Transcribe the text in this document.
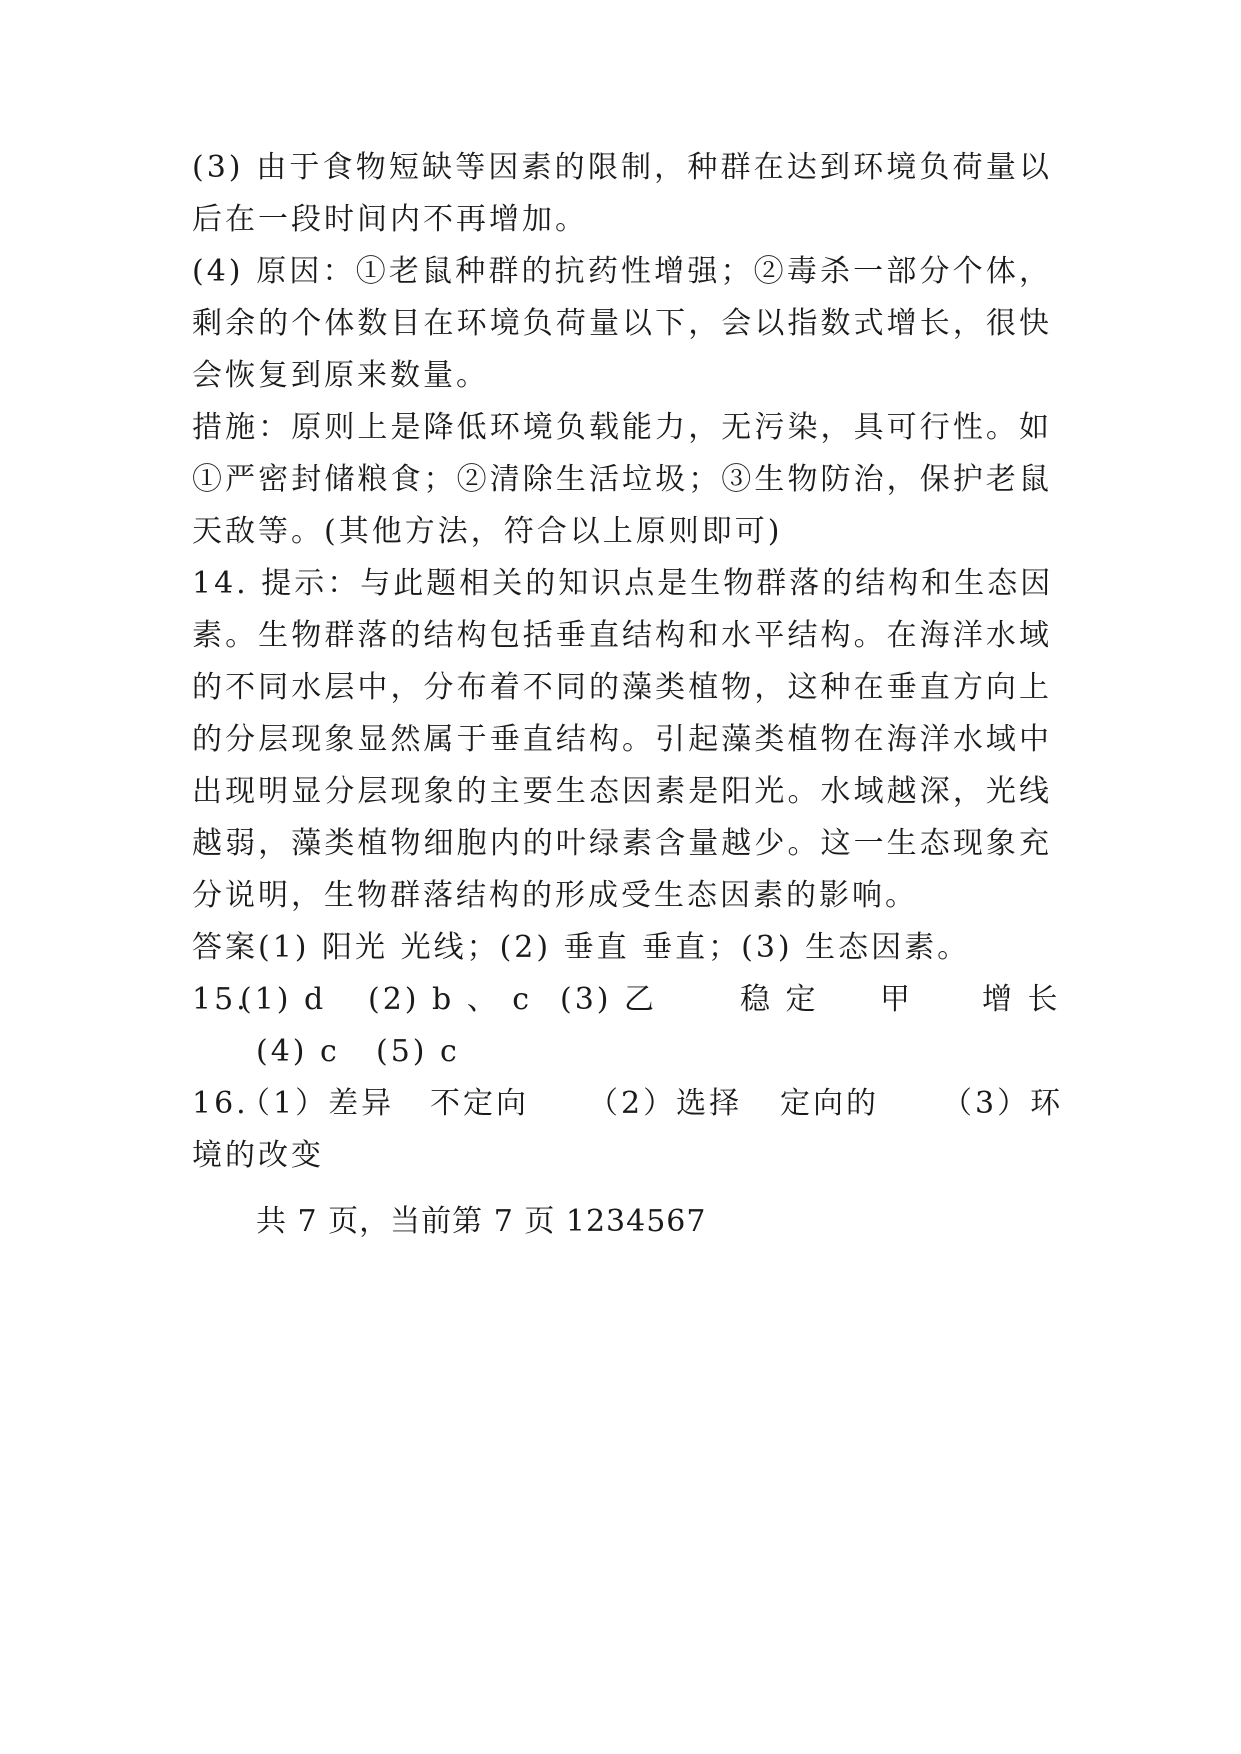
(3) 由于食物短缺等因素的限制，种群在达到环境负荷量以
后在一段时间内不再增加。
(4) 原因：①老鼠种群的抗药性增强；②毒杀一部分个体，
剩余的个体数目在环境负荷量以下，会以指数式增长，很快
会恢复到原来数量。
措施：原则上是降低环境负载能力，无污染，具可行性。如
①严密封储粮食；②清除生活垃圾；③生物防治，保护老鼠
天敌等。(其他方法，符合以上原则即可)
14. 提示：与此题相关的知识点是生物群落的结构和生态因
素。生物群落的结构包括垂直结构和水平结构。在海洋水域
的不同水层中，分布着不同的藻类植物，这种在垂直方向上
的分层现象显然属于垂直结构。引起藻类植物在海洋水域中
出现明显分层现象的主要生态因素是阳光。水域越深，光线
越弱，藻类植物细胞内的叶绿素含量越少。这一生态现象充
分说明，生物群落结构的形成受生态因素的影响。
答案(1) 阳光 光线；(2) 垂直 垂直；(3) 生态因素。
15.
(1) d (2) b 、 c (3) 乙	稳 定 甲 增 长
(4) c (5) c
16.
（1）差异 不定向 （2）选择 定向的 （3）环
境的改变
共 7 页，当前第 7 页 1234567
